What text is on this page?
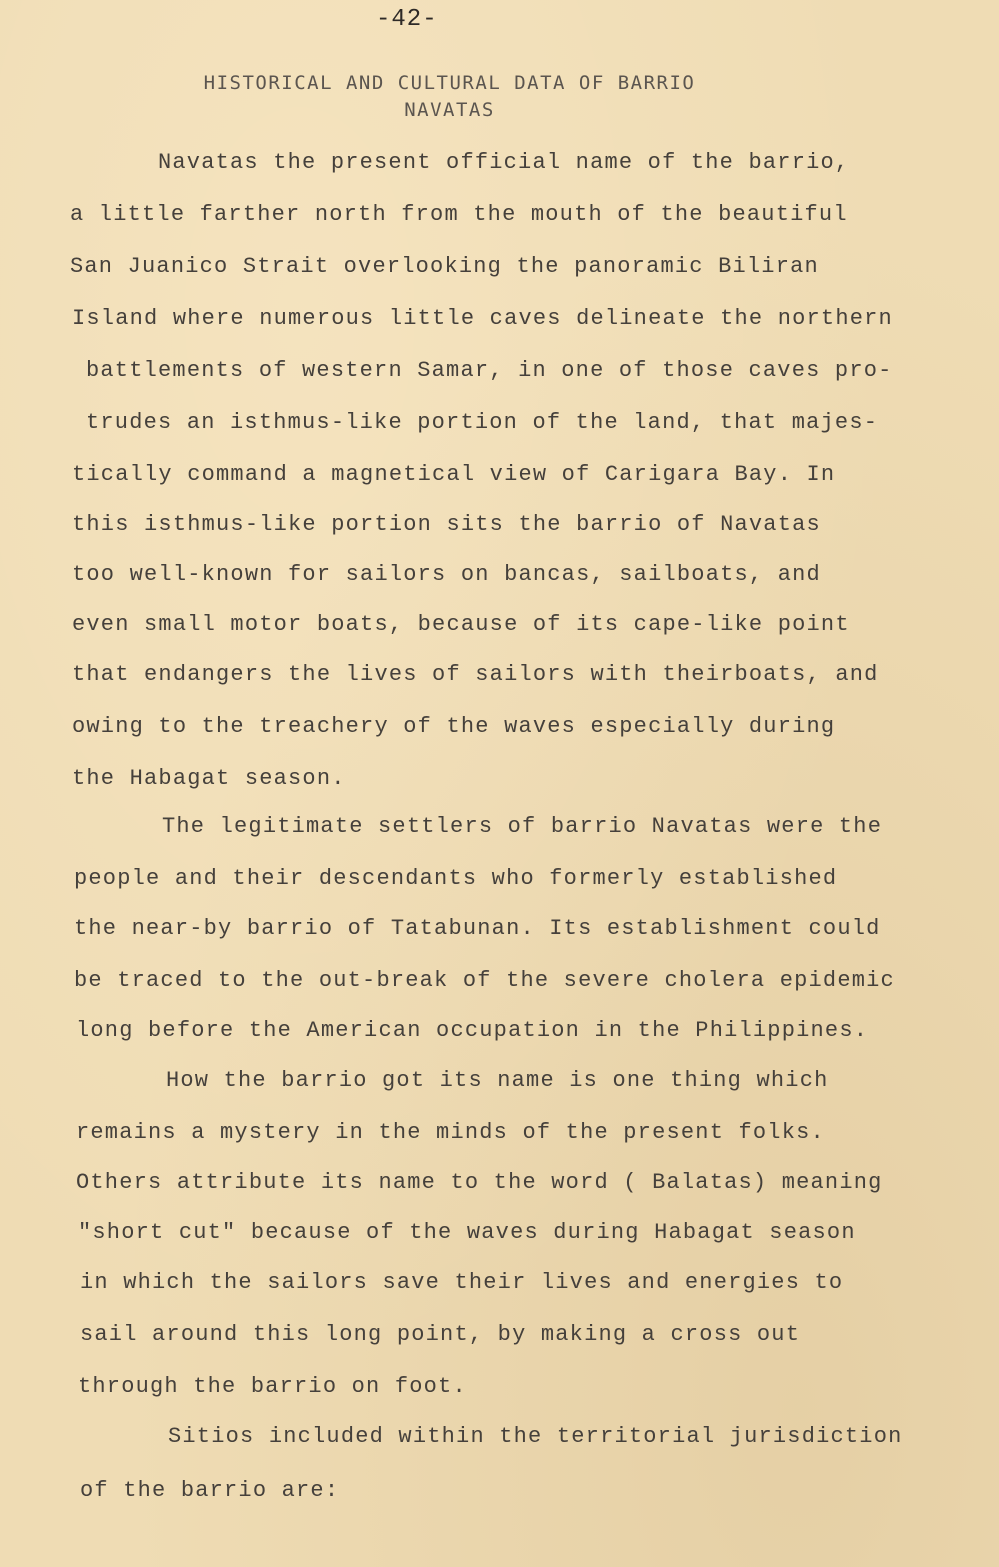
-42-
HISTORICAL AND CULTURAL DATA OF BARRIO
NAVATAS
Navatas the present official name of the barrio,
a little farther north from the mouth of the beautiful
San Juanico Strait overlooking the panoramic Biliran
Island where numerous little caves delineate the northern
battlements of western Samar, in one of those caves pro-
trudes an isthmus-like portion of the land, that majes-
tically command a magnetical view of Carigara Bay. In
this isthmus-like portion sits the barrio of Navatas
too well-known for sailors on bancas, sailboats, and
even small motor boats, because of its cape-like point
that endangers the lives of sailors with theirboats, and
owing to the treachery of the waves especially during
the Habagat season.
The legitimate settlers of barrio Navatas were the
people and their descendants who formerly established
the near-by barrio of Tatabunan. Its establishment could
be traced to the out-break of the severe cholera epidemic
long before the American occupation in the Philippines.
How the barrio got its name is one thing which
remains a mystery in the minds of the present folks.
Others attribute its name to the word ( Balatas) meaning
"short cut" because of the waves during Habagat season
in which the sailors save their lives and energies to
sail around this long point, by making a cross out
through the barrio on foot.
Sitios included within the territorial jurisdiction
of the barrio are:
